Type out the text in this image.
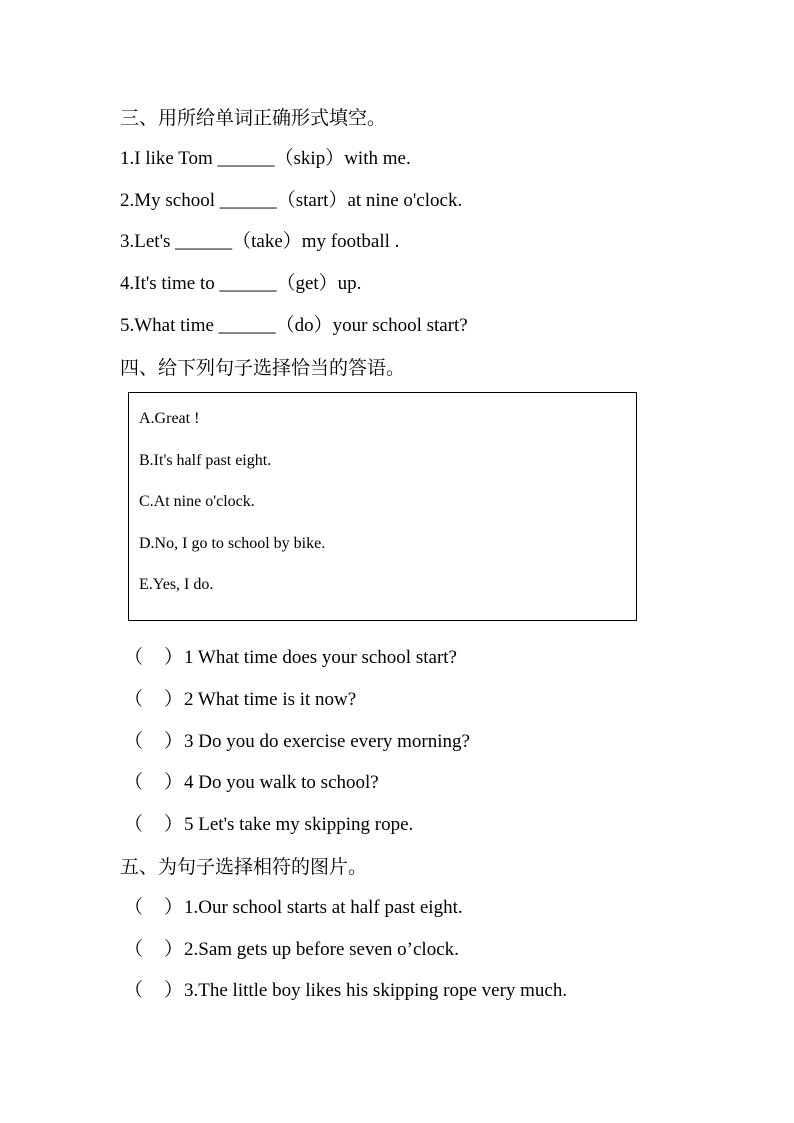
三、用所给单词正确形式填空。
1.I like Tom ______（skip）with me.
2.My school ______（start）at nine o'clock.
3.Let's ______（take）my football .
4.It's time to ______（get）up.
5.What time ______（do）your school start?
四、给下列句子选择恰当的答语。
A.Great !
B.It's half past eight.
C.At nine o'clock.
D.No, I go to school by bike.
E.Yes, I do.

（

）

1 What time does your school start?

（

）

2 What time is it now?

（

）

3 Do you do exercise every morning?

（

）

4 Do you walk to school?

（

）

5 Let's take my skipping rope.

五、为句子选择相符的图片。

（

）

1.Our school starts at half past eight.

（

）

2.Sam gets up before seven o’clock.

（

）

3.The little boy likes his skipping rope very much.
